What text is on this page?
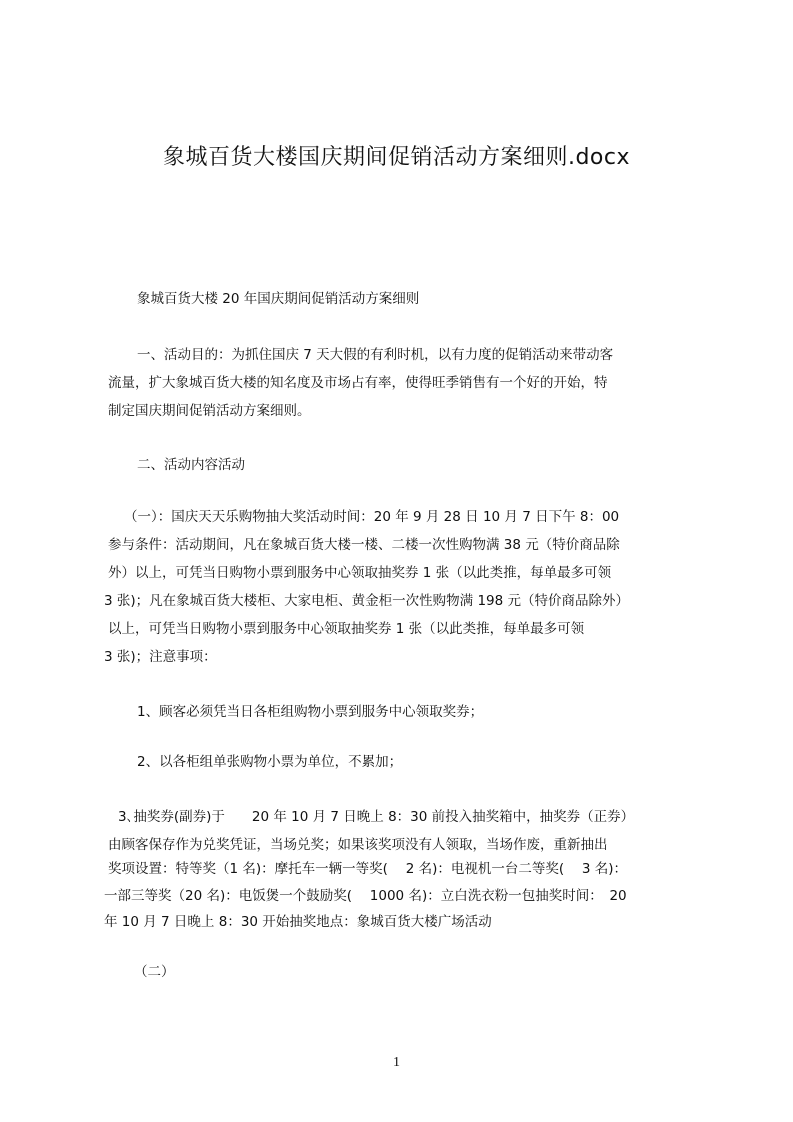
象城百货大楼国庆期间促销活动方案细则.docx
象城百货大楼 20 年国庆期间促销活动方案细则
一、活动目的：为抓住国庆 7 天大假的有利时机，以有力度的促销活动来带动客
流量，扩大象城百货大楼的知名度及市场占有率，使得旺季销售有一个好的开始，特
制定国庆期间促销活动方案细则。
二、活动内容活动
（一）：国庆天天乐购物抽大奖活动时间：20 年 9 月 28 日 10 月 7 日下午 8：00
参与条件：活动期间，凡在象城百货大楼一楼、二楼一次性购物满 38 元（特价商品除
外）以上，可凭当日购物小票到服务中心领取抽奖券 1 张（以此类推，每单最多可领
3 张)；凡在象城百货大楼柜、大家电柜、黄金柜一次性购物满 198 元（特价商品除外）
以上，可凭当日购物小票到服务中心领取抽奖券 1 张（以此类推，每单最多可领
3 张)；注意事项：
1、顾客必须凭当日各柜组购物小票到服务中心领取奖券；
2、以各柜组单张购物小票为单位，不累加；
3､抽奖券(副券)于　　20 年 10 月 7 日晚上 8：30 前投入抽奖箱中，抽奖券（正券）
由顾客保存作为兑奖凭证，当场兑奖；如果该奖项没有人领取，当场作废，重新抽出
奖项设置：特等奖（1 名)：摩托车一辆一等奖(　 2 名)：电视机一台二等奖(　 3 名)：
一部三等奖（20 名)：电饭煲一个鼓励奖(　 1000 名)：立白洗衣粉一包抽奖时间：　20
年 10 月 7 日晚上 8：30 开始抽奖地点：象城百货大楼广场活动
（二）
1
